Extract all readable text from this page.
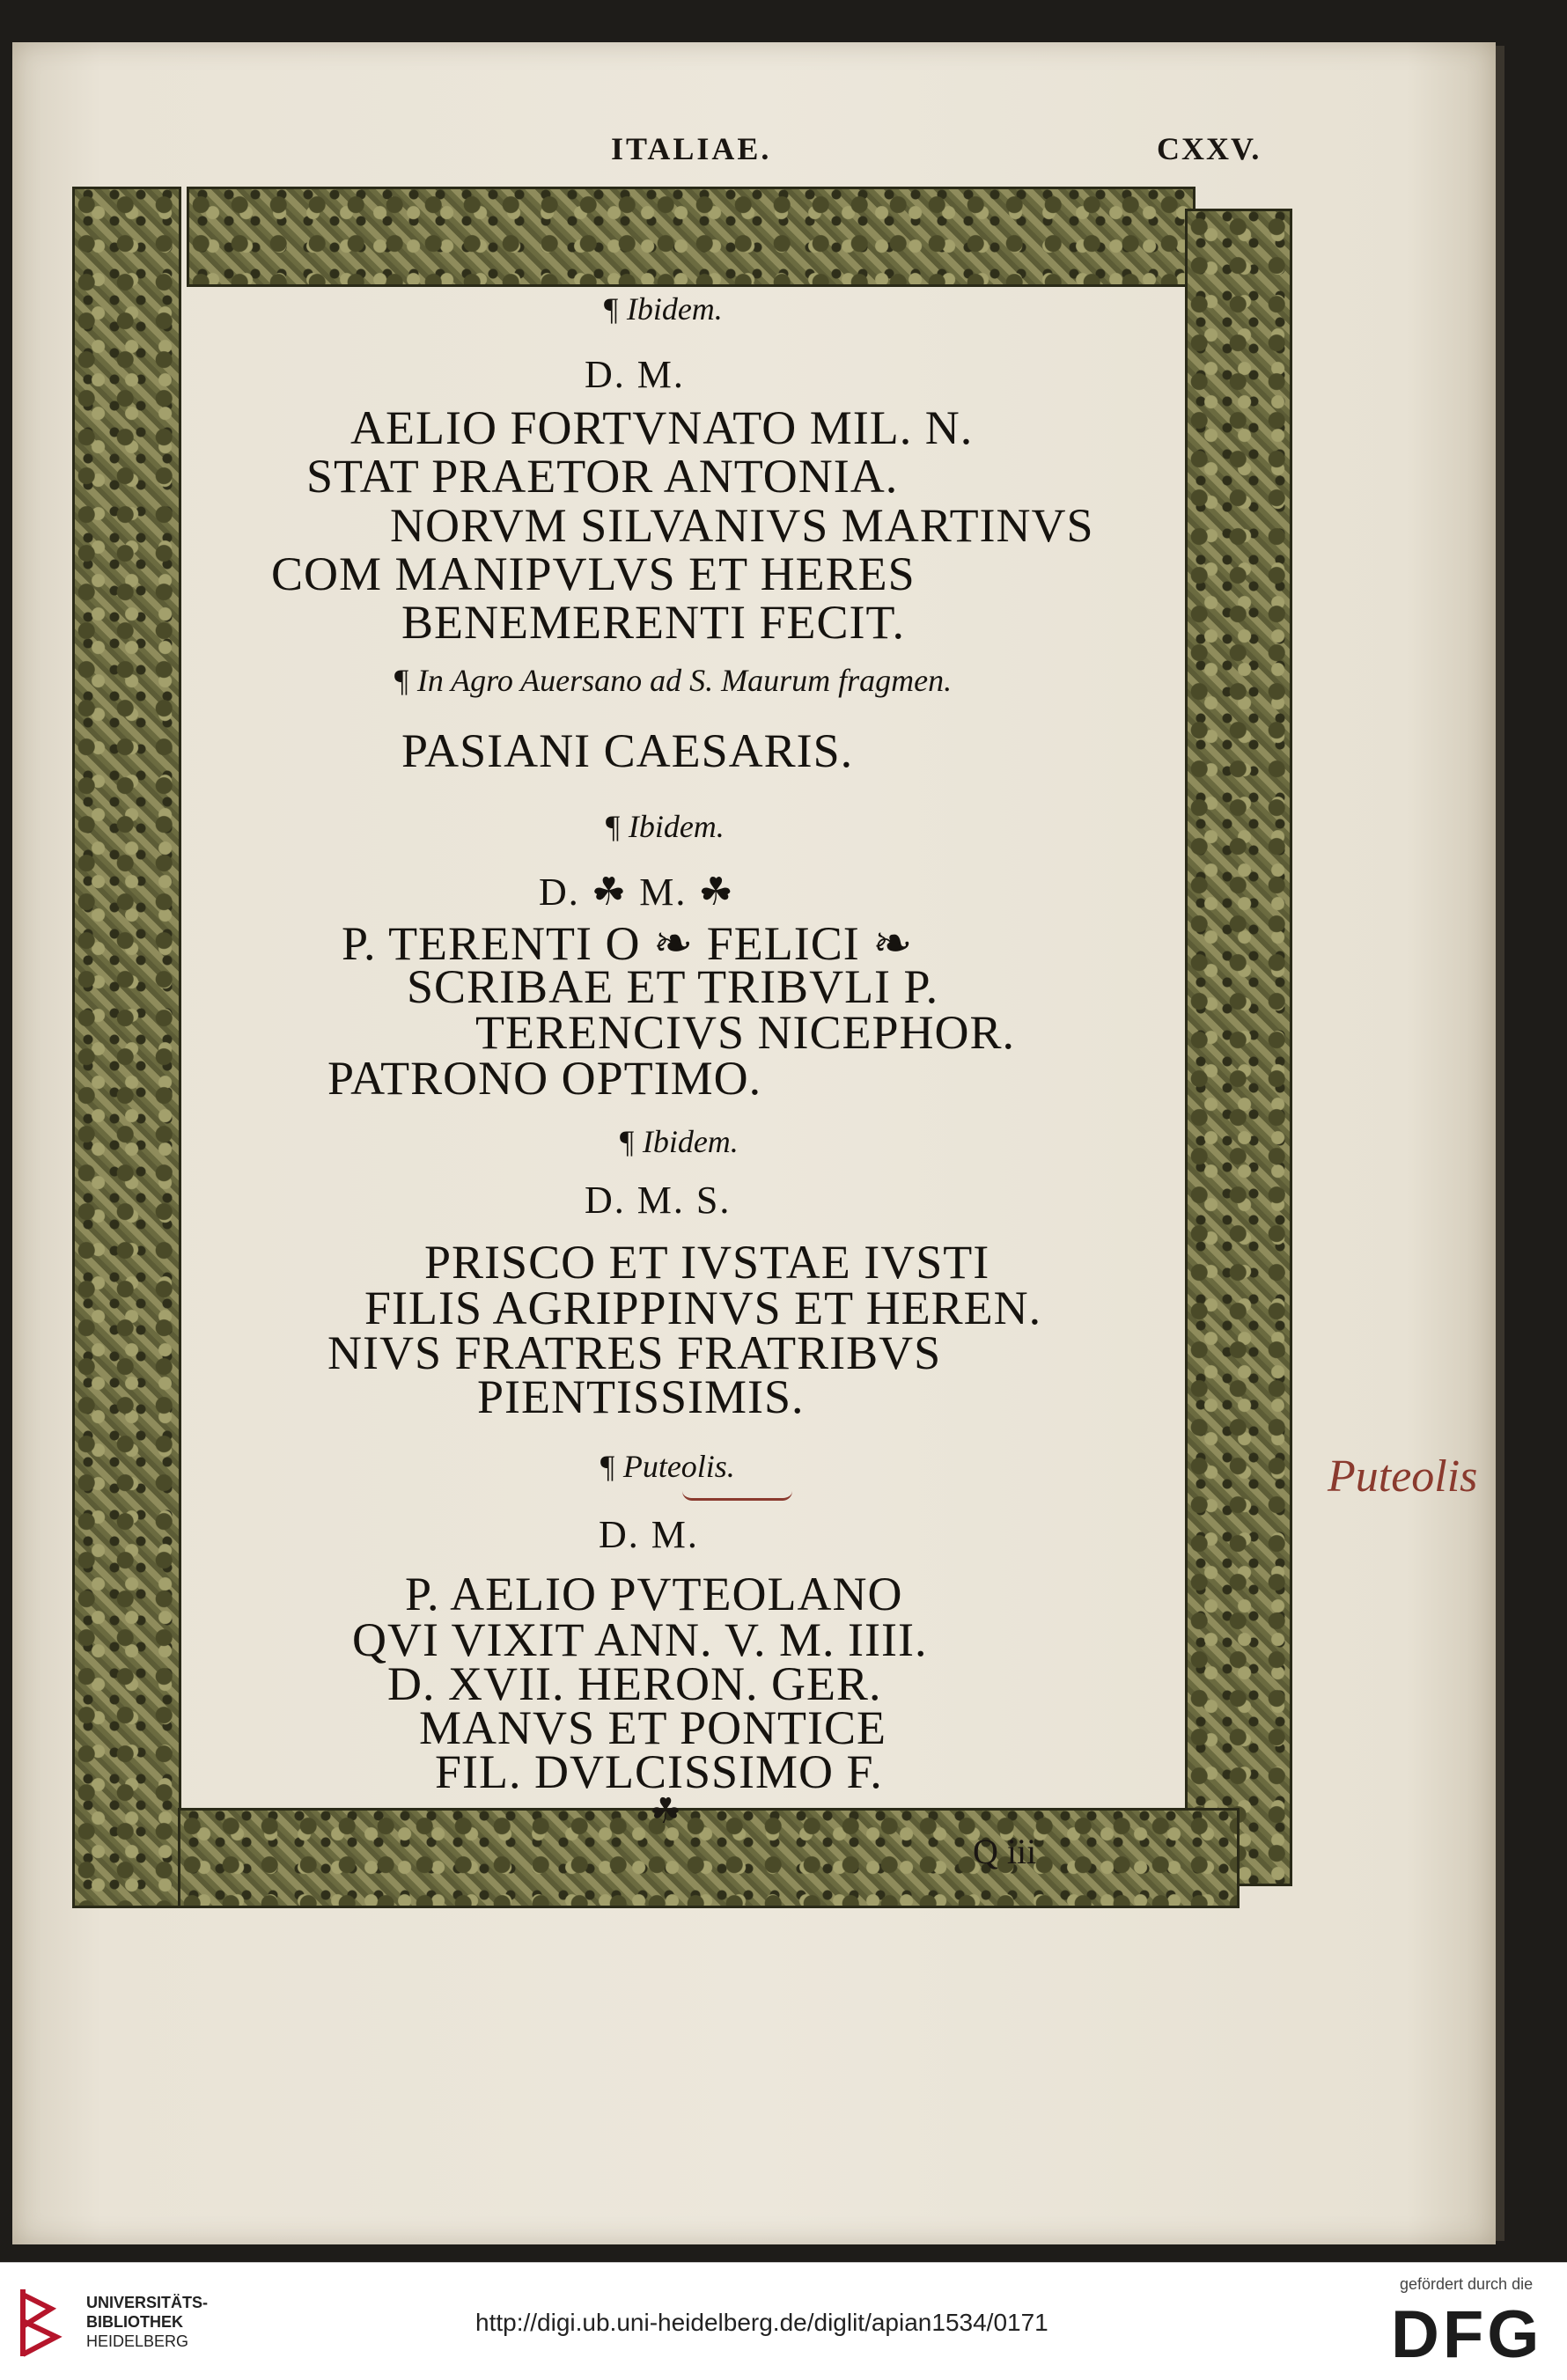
ITALIAE.	CXXV.
¶ Ibidem.
D. M.
AELIO FORTVNATO MIL. N.
STAT PRAETOR ANTONIA.
NORVM SILVANIVS MARTINVS
COM MANIPVLVS ET HERES
BENEMERENTI FECIT.
¶ In Agro Auersano ad S. Maurum fragmen.
PASIANI CAESARIS.
¶ Ibidem.
D. ☘ M. ☘
P. TERENTI O ❧ FELICI ❧
SCRIBAE ET TRIBVLI P.
TERENCIVS NICEPHOR.
PATRONO OPTIMO.
¶ Ibidem.
D. M. S.
PRISCO ET IVSTAE IVSTI
FILIS AGRIPPINVS ET HEREN.
NIVS FRATRES FRATRIBVS
PIENTISSIMIS.
¶ Puteolis.
D. M.
P. AELIO PVTEOLANO
QVI VIXIT ANN. V. M. IIII.
D. XVII. HERON. GER.
MANVS ET PONTICE
FIL. DVLCISSIMO F.
☘
Puteolis
Q iii
UNIVERSITÄTS-
BIBLIOTHEK
HEIDELBERG
http://digi.ub.uni-heidelberg.de/diglit/apian1534/0171
gefördert durch die
DFG
